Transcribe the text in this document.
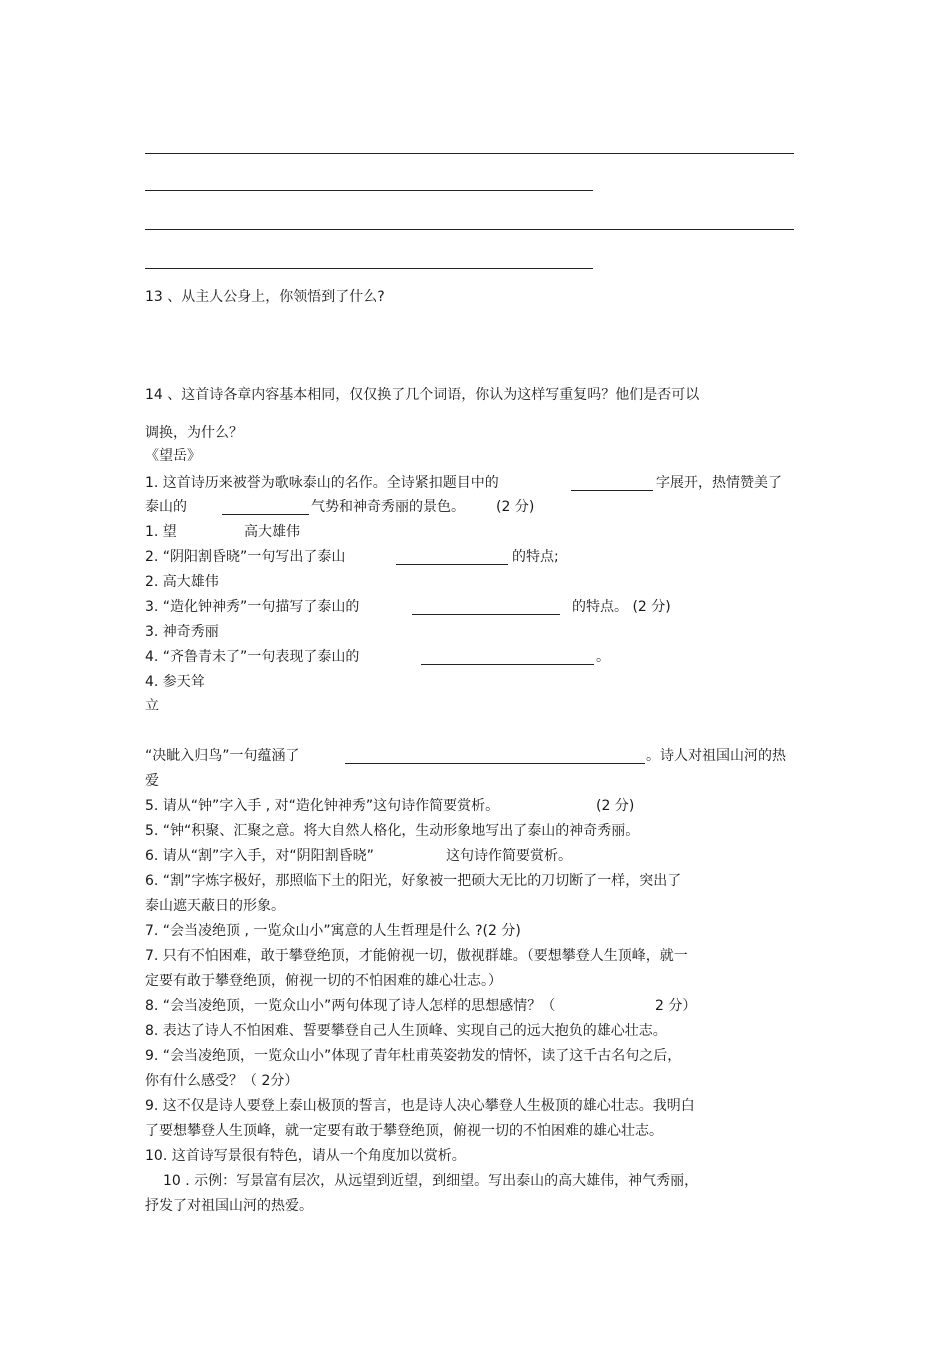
13 、从主人公身上，你领悟到了什么?
14 、这首诗各章内容基本相同，仅仅换了几个词语，你认为这样写重复吗？他们是否可以
调换，为什么？
《望岳》
1. 这首诗历来被誉为歌咏泰山的名作。全诗紧扣题目中的	字展开，热情赞美了
泰山的	气势和神奇秀丽的景色。 (2 分)
1. 望	高大雄伟
2. “阴阳割昏晓”一句写出了泰山	的特点;
2. 高大雄伟
3. “造化钟神秀”一句描写了泰山的	的特点。 (2 分)
3. 神奇秀丽
4. “齐鲁青未了”一句表现了泰山的	。
4. 参天耸
立
“决眦入归鸟”一句蕴涵了	。诗人对祖国山河的热
爱
5. 请从“钟”字入手 , 对“造化钟神秀”这句诗作简要赏析。	(2 分)
5. “钟“积聚、汇聚之意。将大自然人格化，生动形象地写出了泰山的神奇秀丽。
6. 请从“割”字入手，对“阴阳割昏晓”	这句诗作简要赏析。
6. “割”字炼字极好，那照临下土的阳光，好象被一把硕大无比的刀切断了一样，突出了
泰山遮天蔽日的形象。
7. “会当凌绝顶 , 一览众山小”寓意的人生哲理是什么 ?(2 分)
7. 只有不怕困难，敢于攀登绝顶，才能俯视一切，傲视群雄。（要想攀登人生顶峰，就一
定要有敢于攀登绝顶，俯视一切的不怕困难的雄心壮志。）
8. “会当凌绝顶，一览众山小”两句体现了诗人怎样的思想感情？（	2 分）
8. 表达了诗人不怕困难、誓要攀登自己人生顶峰、实现自己的远大抱负的雄心壮志。
9. “会当凌绝顶，一览众山小”体现了青年杜甫英姿勃发的情怀，读了这千古名句之后，
你有什么感受？（ 2分）
9. 这不仅是诗人要登上泰山极顶的誓言，也是诗人决心攀登人生极顶的雄心壮志。我明白
了要想攀登人生顶峰，就一定要有敢于攀登绝顶，俯视一切的不怕困难的雄心壮志。
10. 这首诗写景很有特色，请从一个角度加以赏析。
10 . 示例：写景富有层次，从远望到近望，到细望。写出泰山的高大雄伟，神气秀丽，
抒发了对祖国山河的热爱。
